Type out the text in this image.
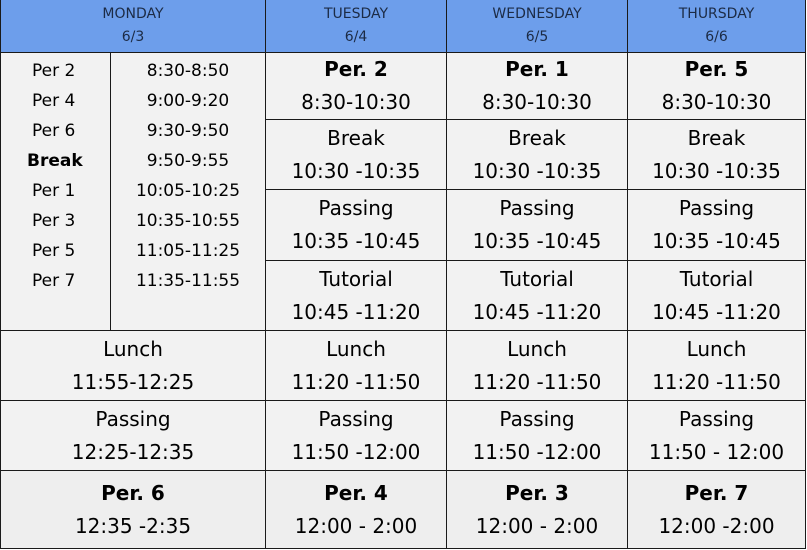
MONDAY
6/3
TUESDAY
6/4
WEDNESDAY
6/5
THURSDAY
6/6
Per 2
Per 4
Per 6
Break
Per 1
Per 3
Per 5
Per 7
8:30-8:50
9:00-9:20
9:30-9:50
9:50-9:55
10:05-10:25
10:35-10:55
11:05-11:25
11:35-11:55
Lunch
11:55-12:25
Passing
12:25-12:35
Per. 6
12:35 -2:35
Per. 2
8:30-10:30
Break
10:30 -10:35
Passing
10:35 -10:45
Tutorial
10:45 -11:20
Lunch
11:20 -11:50
Passing
11:50 -12:00
Per. 4
12:00 - 2:00
Per. 1
8:30-10:30
Break
10:30 -10:35
Passing
10:35 -10:45
Tutorial
10:45 -11:20
Lunch
11:20 -11:50
Passing
11:50 -12:00
Per. 3
12:00 - 2:00
Per. 5
8:30-10:30
Break
10:30 -10:35
Passing
10:35 -10:45
Tutorial
10:45 -11:20
Lunch
11:20 -11:50
Passing
11:50 - 12:00
Per. 7
12:00 -2:00
